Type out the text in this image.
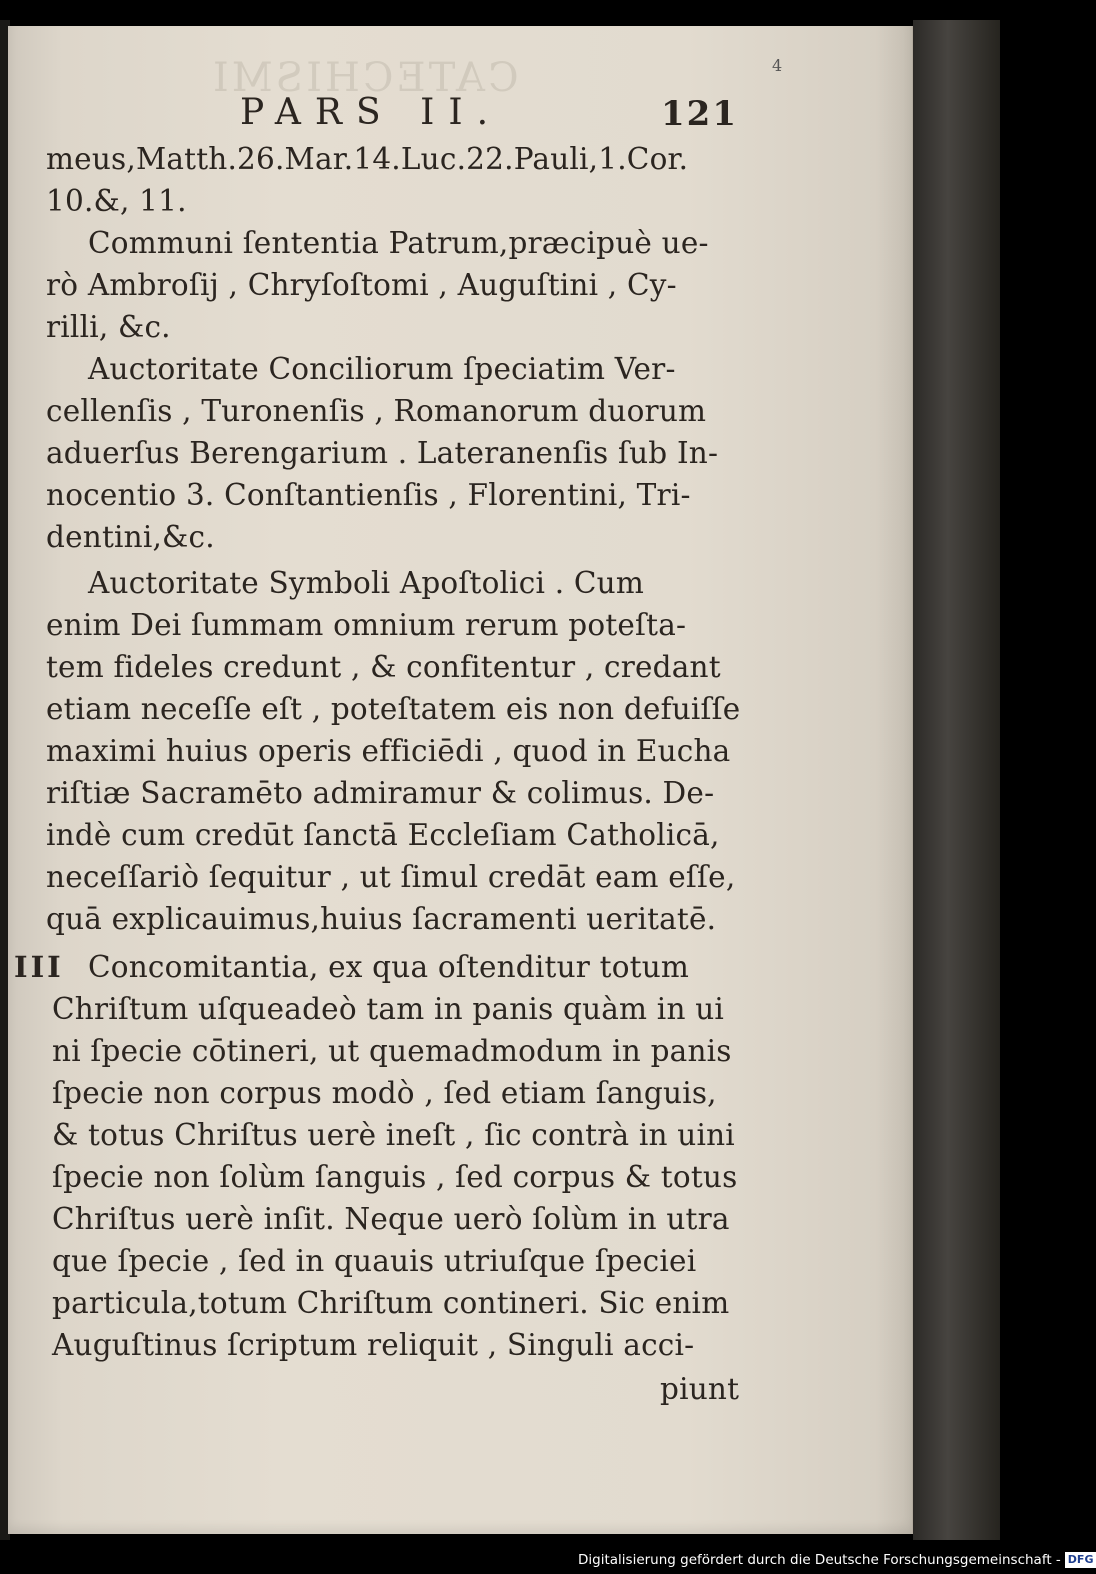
CATECHISMI	4
PARS II.	121
III
meus,Matth.26.Mar.14.Luc.22.Pauli,1.Cor.
10.&, 11.
Communi ſententia Patrum,præcipuè ue-
rò Ambroſij , Chryſoſtomi , Auguſtini , Cy-
rilli, &c.
Auctoritate Conciliorum ſpeciatim Ver-
cellenſis , Turonenſis , Romanorum duorum
aduerſus Berengarium . Lateranenſis ſub In-
nocentio 3. Conſtantienſis , Florentini, Tri-
dentini,&c.
Auctoritate Symboli Apoſtolici . Cum
enim Dei ſummam omnium rerum poteſta-
tem fideles credunt , & confitentur , credant
etiam neceſſe eſt , poteſtatem eis non defuiſſe
maximi huius operis efficiēdi , quod in Eucha
riſtiæ Sacramēto admiramur & colimus. De-
indè cum credūt ſanctā Eccleſiam Catholicā,
neceſſariò ſequitur , ut ſimul credāt eam eſſe,
quā explicauimus,huius ſacramenti ueritatē.
Concomitantia, ex qua oſtenditur totum
Chriſtum uſqueadeò tam in panis quàm in ui
ni ſpecie cōtineri, ut quemadmodum in panis
ſpecie non corpus modò , ſed etiam ſanguis,
& totus Chriſtus uerè ineſt , ſic contrà in uini
ſpecie non ſolùm ſanguis , ſed corpus & totus
Chriſtus uerè inſit. Neque uerò ſolùm in utra
que ſpecie , ſed in quauis utriuſque ſpeciei
particula,totum Chriſtum contineri. Sic enim
Auguſtinus ſcriptum reliquit , Singuli acci-
piunt
Digitalisierung gefördert durch die Deutsche Forschungsgemeinschaft - DFG
